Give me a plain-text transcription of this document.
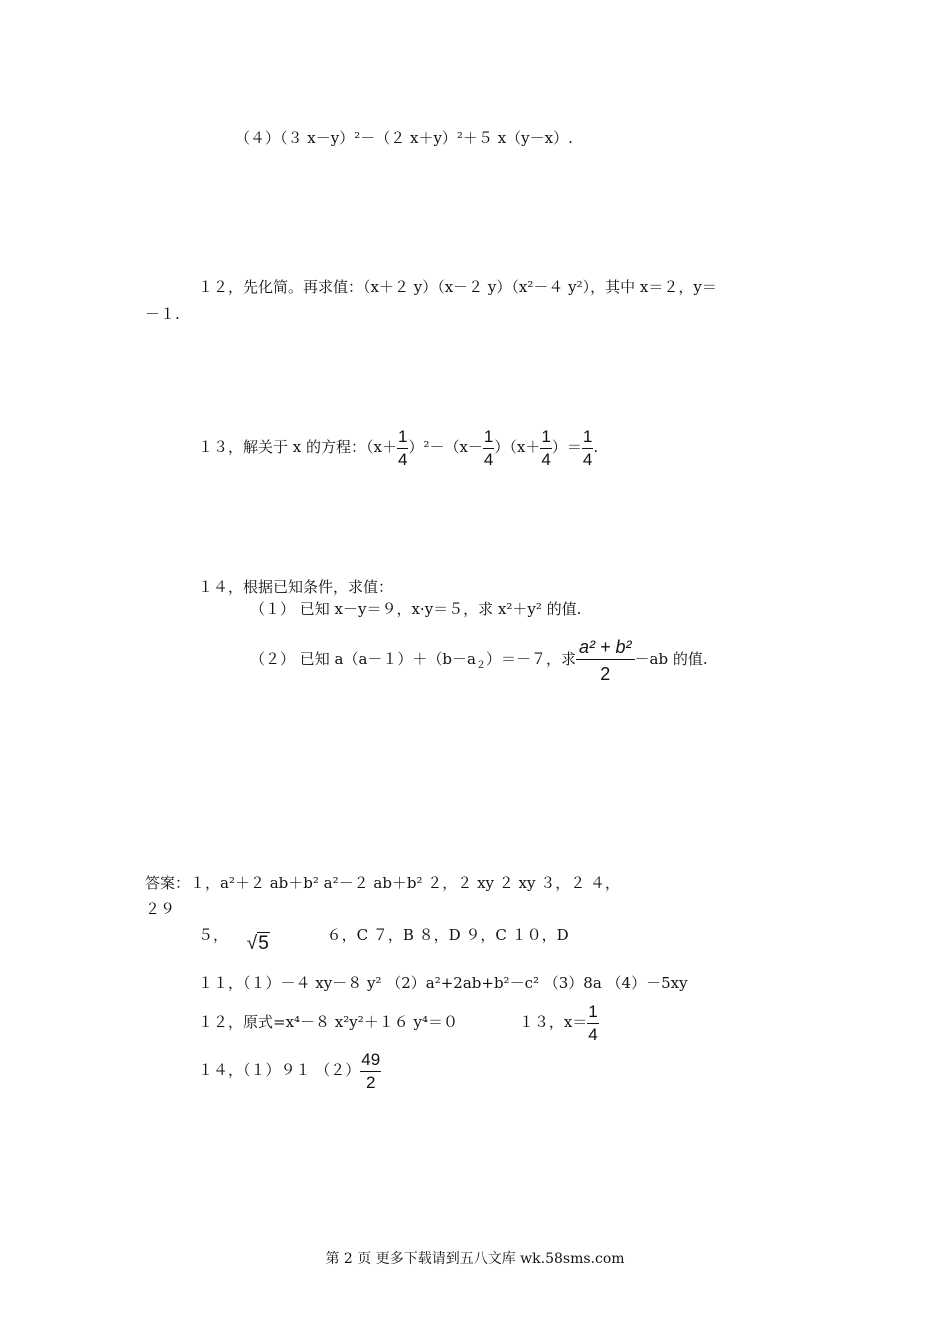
（４）（３ x－y）²－（２ x＋y）²＋５ x（y－x）.
１２，先化简。再求值：（x＋２ y）（x－２ y）（x²－４ y²），其中 x＝２，y＝
－１.
１３，解关于 x 的方程：$(x+ \frac{1}{4} )^2-(x- \frac{1}{4} )(x+ \frac{1}{4}$ ）＝ $\frac{1}{4}$ .
１４，根据已知条件，求值：
（１） 已知 x－y＝９，x·y＝５，求 x²＋y² 的值.
（２） 已知 $a(a-1)+(b-a_2)=-7$，求 $\frac{\text{a² + b²}}{2} -ab$ 的值.
答案：１，a²＋２ ab＋b² a²－２ ab＋b² ２，２ xy ２ xy ３，２ ４，
２９
５， √5	６，C ７，B ８，D ９，C １０，D
１１，（１）－４ xy－８ y² （2）a²+2ab+b²－c² （3）8a （4）－5xy
１２，原式=x⁴－８ x²y²＋１６ y⁴＝０	１３，$x= \frac{1}{4}$
１４，（１）９１ $(2) \frac{49}{2}$
第 2 页 更多下载请到五八文库 wk.58sms.com
